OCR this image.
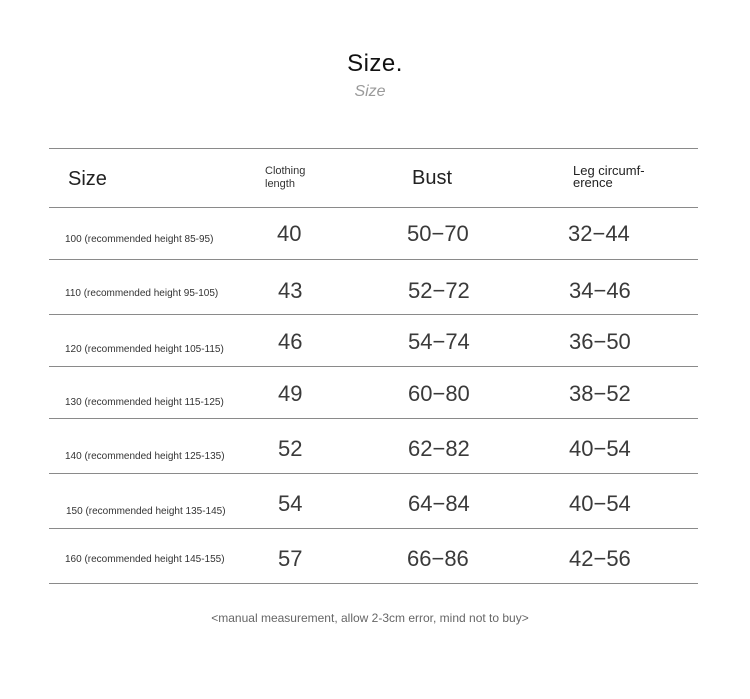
Size.
Size
Size	Clothing length	Bust	Leg circumf-erence
100 (recommended height 85-95)	40	50−70	32−44
110 (recommended height 95-105)	43	52−72	34−46
120 (recommended height 105-115) 46	54−74	36−50
130 (recommended height 115-125) 49	60−80	38−52
140 (recommended height 125-135) 52	62−82	40−54
150 (recommended height 135-145) 54	64−84	40−54
160 (recommended height 145-155) 57	66−86	42−56
<manual measurement, allow 2-3cm error, mind not to buy>
